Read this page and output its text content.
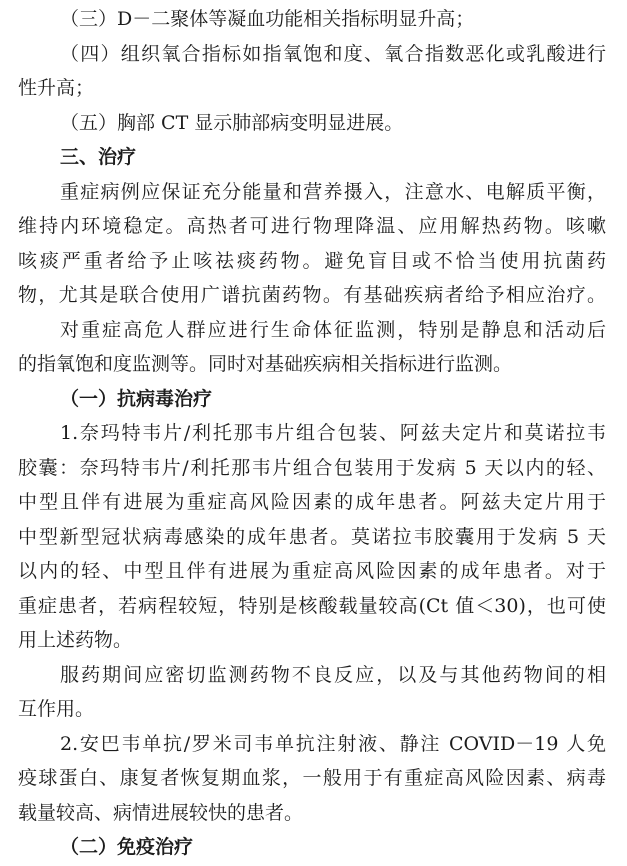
（三）D－二聚体等凝血功能相关指标明显升高；
（四）组织氧合指标如指氧饱和度、氧合指数恶化或乳酸进行
性升高；
（五）胸部 CT 显示肺部病变明显进展。
三、治疗
重症病例应保证充分能量和营养摄入，注意水、电解质平衡，
维持内环境稳定。高热者可进行物理降温、应用解热药物。咳嗽
咳痰严重者给予止咳祛痰药物。避免盲目或不恰当使用抗菌药
物，尤其是联合使用广谱抗菌药物。有基础疾病者给予相应治疗。
对重症高危人群应进行生命体征监测，特别是静息和活动后
的指氧饱和度监测等。同时对基础疾病相关指标进行监测。
（一）抗病毒治疗
1.奈玛特韦片/利托那韦片组合包装、阿兹夫定片和莫诺拉韦
胶囊：奈玛特韦片/利托那韦片组合包装用于发病 5 天以内的轻、
中型且伴有进展为重症高风险因素的成年患者。阿兹夫定片用于
中型新型冠状病毒感染的成年患者。莫诺拉韦胶囊用于发病 5 天
以内的轻、中型且伴有进展为重症高风险因素的成年患者。对于
重症患者，若病程较短，特别是核酸载量较高(Ct 值＜30)，也可使
用上述药物。
服药期间应密切监测药物不良反应，以及与其他药物间的相
互作用。
2.安巴韦单抗/罗米司韦单抗注射液、静注 COVID－19 人免
疫球蛋白、康复者恢复期血浆，一般用于有重症高风险因素、病毒
载量较高、病情进展较快的患者。
（二）免疫治疗
